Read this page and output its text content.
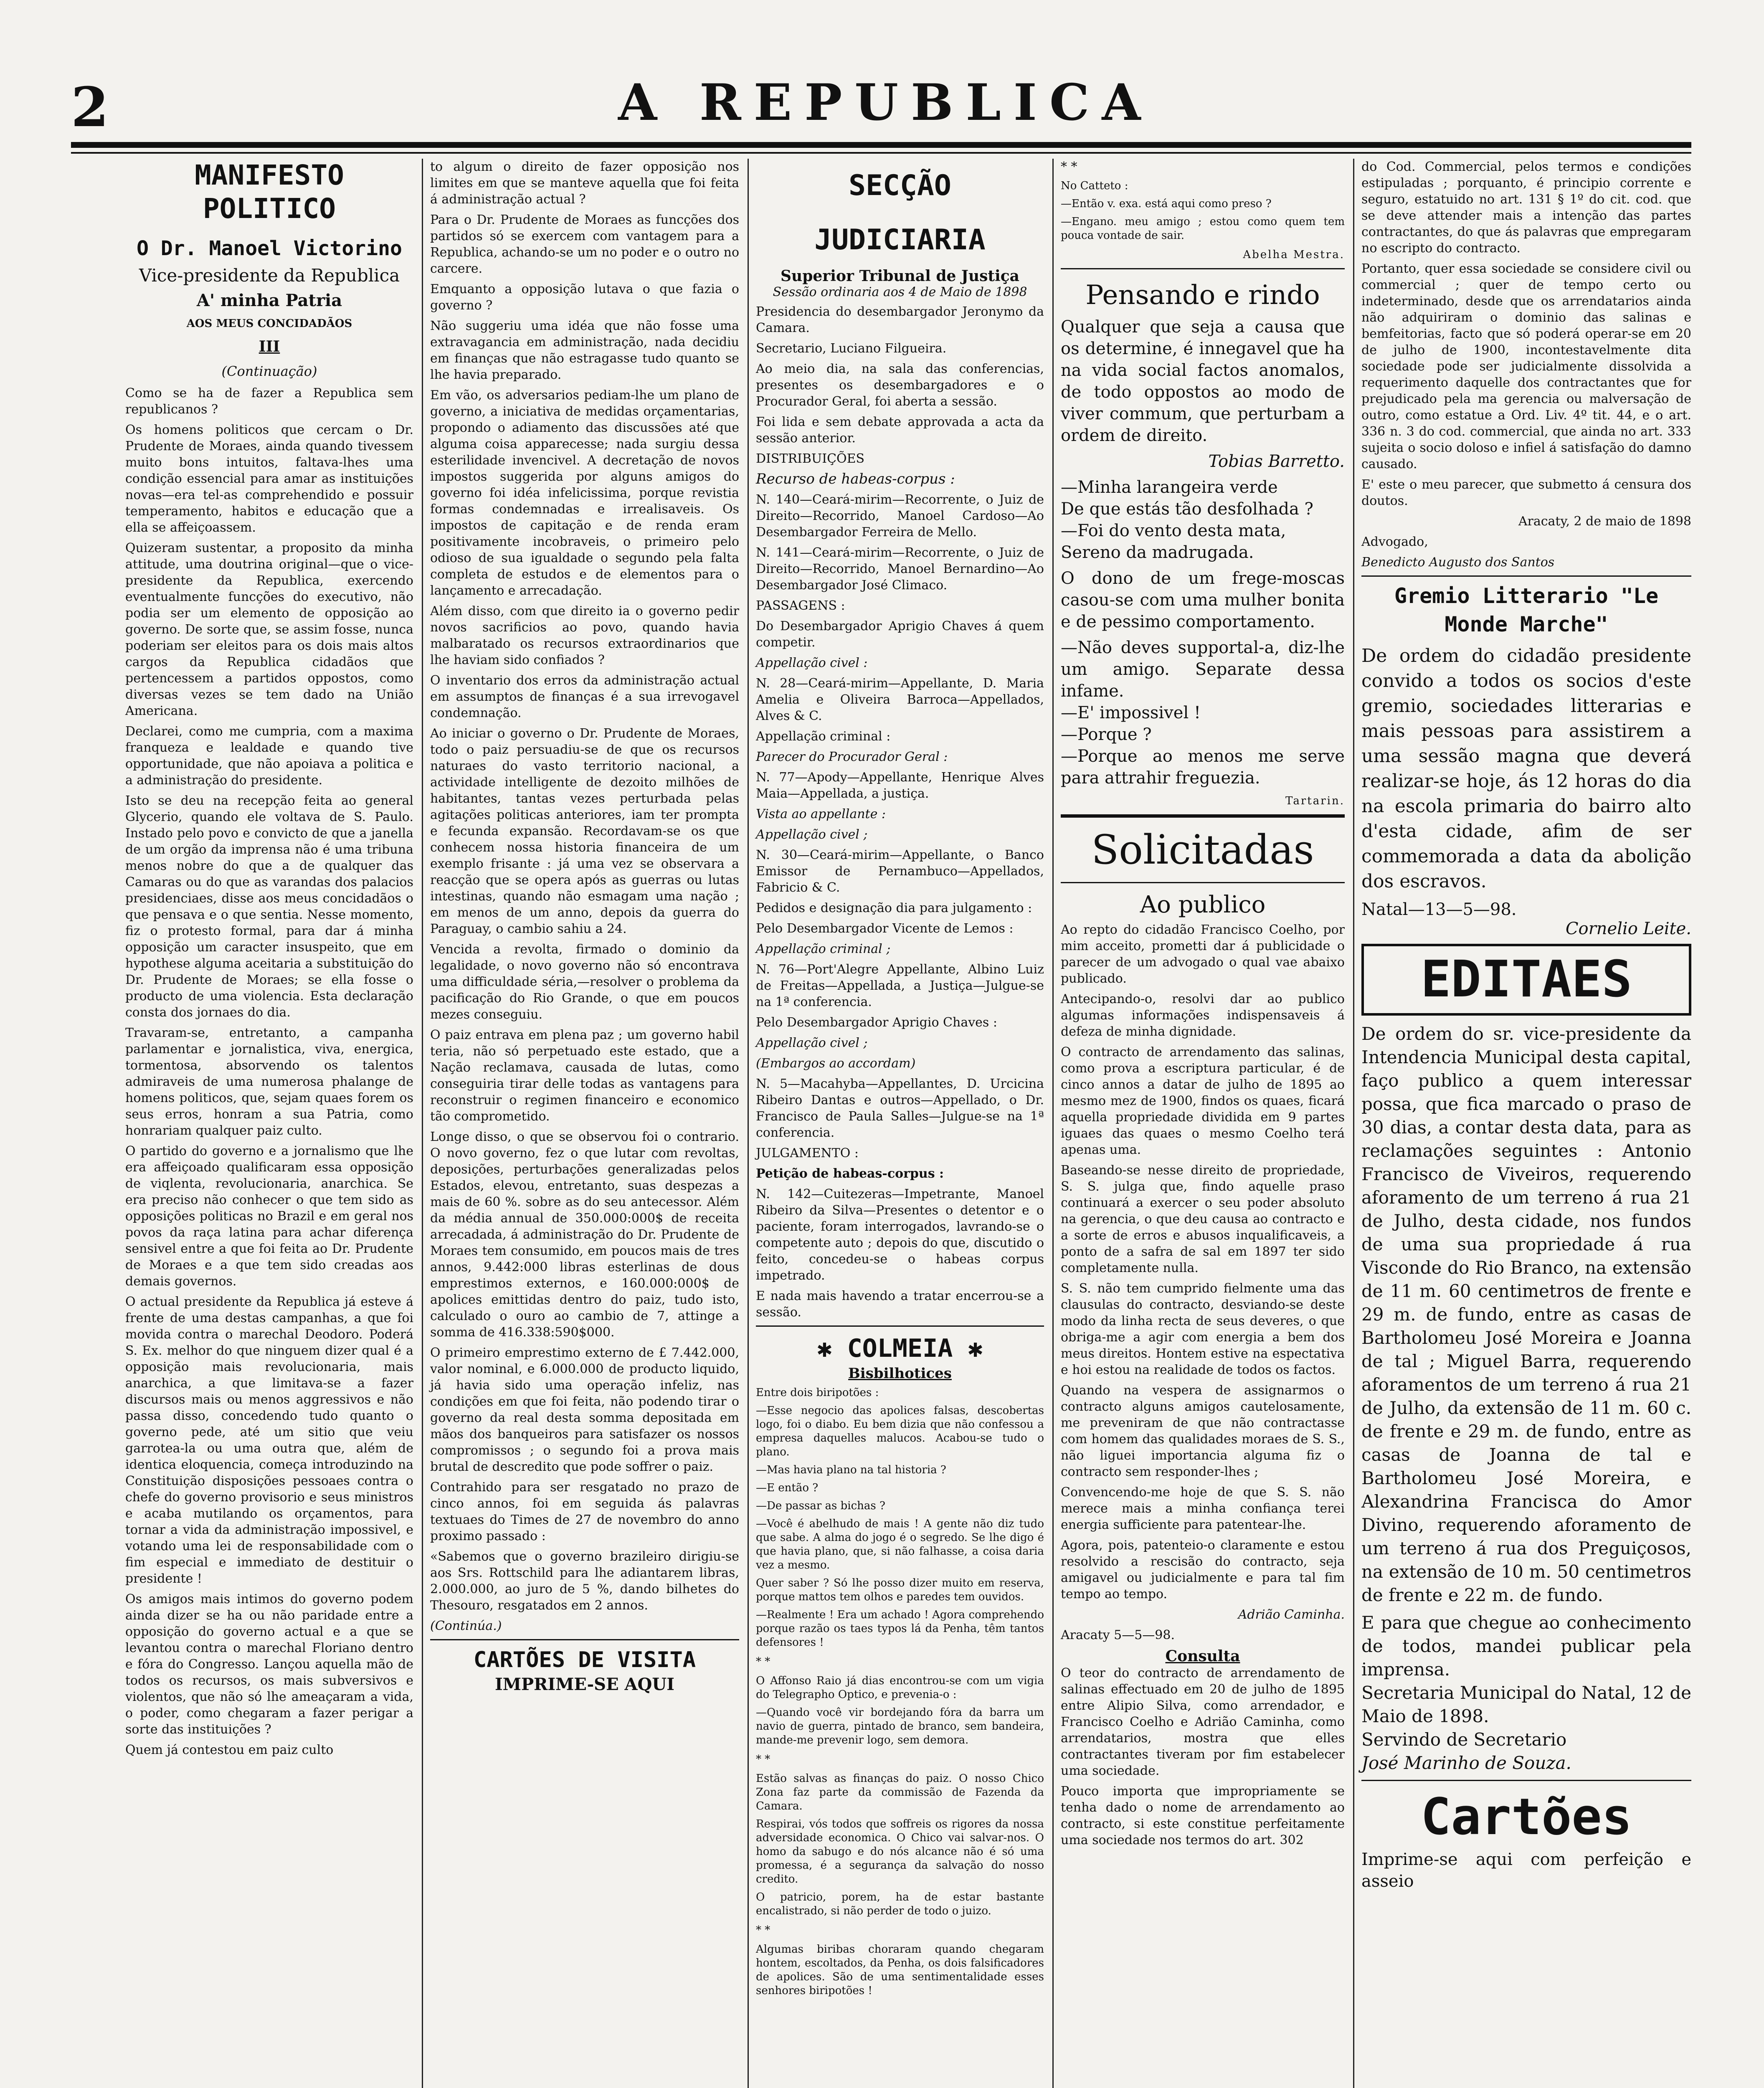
2	A REPUBLICA
MANIFESTO POLITICO
O Dr. Manoel Victorino
Vice-presidente da Republica
A' minha Patria
AOS MEUS CONCIDADÃOS
III
(Continuação)

Como se ha de fazer a Republica sem republicanos ?

Os homens politicos que cercam o Dr. Prudente de Moraes, ainda quando tivessem muito bons intuitos, faltava-lhes uma condição essencial para amar as instituições novas—era tel-as comprehendido e possuir temperamento, habitos e educação que a ella se affeiçoassem.

Quizeram sustentar, a proposito da minha attitude, uma doutrina original—que o vice-presidente da Republica, exercendo eventualmente funcções do executivo, não podia ser um elemento de opposição ao governo. De sorte que, se assim fosse, nunca poderiam ser eleitos para os dois mais altos cargos da Republica cidadãos que pertencessem a partidos oppostos, como diversas vezes se tem dado na União Americana.

Declarei, como me cumpria, com a maxima franqueza e lealdade e quando tive opportunidade, que não apoiava a politica e a administração do presidente.

Isto se deu na recepção feita ao general Glycerio, quando ele voltava de S. Paulo. Instado pelo povo e convicto de que a janella de um orgão da imprensa não é uma tribuna menos nobre do que a de qualquer das Camaras ou do que as varandas dos palacios presidenciaes, disse aos meus concidadãos o que pensava e o que sentia. Nesse momento, fiz o protesto formal, para dar á minha opposição um caracter insuspeito, que em hypothese alguma aceitaria a substituição do Dr. Prudente de Moraes; se ella fosse o producto de uma violencia. Esta declaração consta dos jornaes do dia.

Travaram-se, entretanto, a campanha parlamentar e jornalistica, viva, energica, tormentosa, absorvendo os talentos admiraveis de uma numerosa phalange de homens politicos, que, sejam quaes forem os seus erros, honram a sua Patria, como honrariam qualquer paiz culto.

O partido do governo e a jornalismo que lhe era affeiçoado qualificaram essa opposição de viqlenta, revolucionaria, anarchica. Se era preciso não conhecer o que tem sido as opposições politicas no Brazil e em geral nos povos da raça latina para achar diferença sensivel entre a que foi feita ao Dr. Prudente de Moraes e a que tem sido creadas aos demais governos.

O actual presidente da Republica já esteve á frente de uma destas campanhas, a que foi movida contra o marechal Deodoro. Poderá S. Ex. melhor do que ninguem dizer qual é a opposição mais revolucionaria, mais anarchica, a que limitava-se a fazer discursos mais ou menos aggressivos e não passa disso, concedendo tudo quanto o governo pede, até um sitio que veiu garrotea-la ou uma outra que, além de identica eloquencia, começa introduzindo na Constituição disposições pessoaes contra o chefe do governo provisorio e seus ministros e acaba mutilando os orçamentos, para tornar a vida da administração impossivel, e votando uma lei de responsabilidade com o fim especial e immediato de destituir o presidente !

Os amigos mais intimos do governo podem ainda dizer se ha ou não paridade entre a opposição do governo actual e a que se levantou contra o marechal Floriano dentro e fóra do Congresso. Lançou aquella mão de todos os recursos, os mais subversivos e violentos, que não só lhe ameaçaram a vida, o poder, como chegaram a fazer perigar a sorte das instituições ?

Quem já contestou em paiz culto

to algum o direito de fazer opposição nos limites em que se manteve aquella que foi feita á administração actual ?

Para o Dr. Prudente de Moraes as funcções dos partidos só se exercem com vantagem para a Republica, achando-se um no poder e o outro no carcere.

Emquanto a opposição lutava o que fazia o governo ?

Não suggeriu uma idéa que não fosse uma extravagancia em administração, nada decidiu em finanças que não estragasse tudo quanto se lhe havia preparado.

Em vão, os adversarios pediam-lhe um plano de governo, a iniciativa de medidas orçamentarias, propondo o adiamento das discussões até que alguma coisa apparecesse; nada surgiu dessa esterilidade invencivel. A decretação de novos impostos suggerida por alguns amigos do governo foi idéa infelicissima, porque revistia formas condemnadas e irrealisaveis. Os impostos de capitação e de renda eram positivamente incobraveis, o primeiro pelo odioso de sua igualdade o segundo pela falta completa de estudos e de elementos para o lançamento e arrecadação.

Além disso, com que direito ia o governo pedir novos sacrificios ao povo, quando havia malbaratado os recursos extraordinarios que lhe haviam sido confiados ?

O inventario dos erros da administração actual em assumptos de finanças é a sua irrevogavel condemnação.

Ao iniciar o governo o Dr. Prudente de Moraes, todo o paiz persuadiu-se de que os recursos naturaes do vasto territorio nacional, a actividade intelligente de dezoito milhões de habitantes, tantas vezes perturbada pelas agitações politicas anteriores, iam ter prompta e fecunda expansão. Recordavam-se os que conhecem nossa historia financeira de um exemplo frisante : já uma vez se observara a reacção que se opera após as guerras ou lutas intestinas, quando não esmagam uma nação ; em menos de um anno, depois da guerra do Paraguay, o cambio sahiu a 24.

Vencida a revolta, firmado o dominio da legalidade, o novo governo não só encontrava uma difficuldade séria,—resolver o problema da pacificação do Rio Grande, o que em poucos mezes conseguiu.

O paiz entrava em plena paz ; um governo habil teria, não só perpetuado este estado, que a Nação reclamava, causada de lutas, como conseguiria tirar delle todas as vantagens para reconstruir o regimen financeiro e economico tão comprometido.

Longe disso, o que se observou foi o contrario. O novo governo, fez o que lutar com revoltas, deposições, perturbações generalizadas pelos Estados, elevou, entretanto, suas despezas a mais de 60 %. sobre as do seu antecessor. Além da média annual de 350.000:000$ de receita arrecadada, á administração do Dr. Prudente de Moraes tem consumido, em poucos mais de tres annos, 9.442:000 libras esterlinas de dous emprestimos externos, e 160.000:000$ de apolices emittidas dentro do paiz, tudo isto, calculado o ouro ao cambio de 7, attinge a somma de 416.338:590$000.

O primeiro emprestimo externo de £ 7.442.000, valor nominal, e 6.000.000 de producto liquido, já havia sido uma operação infeliz, nas condições em que foi feita, não podendo tirar o governo da real desta somma depositada em mãos dos banqueiros para satisfazer os nossos compromissos ; o segundo foi a prova mais brutal de descredito que pode soffrer o paiz.

Contrahido para ser resgatado no prazo de cinco annos, foi em seguida ás palavras textuaes do Times de 27 de novembro do anno proximo passado :

«Sabemos que o governo brazileiro dirigiu-se aos Srs. Rottschild para lhe adiantarem libras, 2.000.000, ao juro de 5 %, dando bilhetes do Thesouro, resgatados em 2 annos.

(Continúa.)

CARTÕES DE VISITA
IMPRIME-SE AQUI
SECÇÃO JUDICIARIA
Superior Tribunal de Justiça
Sessão ordinaria aos 4 de Maio de 1898

Presidencia do desembargador Jeronymo da Camara.

Secretario, Luciano Filgueira.

Ao meio dia, na sala das conferencias, presentes os desembargadores e o Procurador Geral, foi aberta a sessão.

Foi lida e sem debate approvada a acta da sessão anterior.

DISTRIBUIÇÕES

Recurso de habeas-corpus :

N. 140—Ceará-mirim—Recorrente, o Juiz de Direito—Recorrido, Manoel Cardoso—Ao Desembargador Ferreira de Mello.

N. 141—Ceará-mirim—Recorrente, o Juiz de Direito—Recorrido, Manoel Bernardino—Ao Desembargador José Climaco.

PASSAGENS :

Do Desembargador Aprigio Chaves á quem competir.

Appellação civel :

N. 28—Ceará-mirim—Appellante, D. Maria Amelia e Oliveira Barroca—Appellados, Alves & C.

Appellação criminal :

Parecer do Procurador Geral :

N. 77—Apody—Appellante, Henrique Alves Maia—Appellada, a justiça.

Vista ao appellante :

Appellação civel ;

N. 30—Ceará-mirim—Appellante, o Banco Emissor de Pernambuco—Appellados, Fabricio & C.

Pedidos e designação dia para julgamento :

Pelo Desembargador Vicente de Lemos :

Appellação criminal ;

N. 76—Port'Alegre Appellante, Albino Luiz de Freitas—Appellada, a Justiça—Julgue-se na 1ª conferencia.

Pelo Desembargador Aprigio Chaves :

Appellação civel ;

(Embargos ao accordam)

N. 5—Macahyba—Appellantes, D. Urcicina Ribeiro Dantas e outros—Appellado, o Dr. Francisco de Paula Salles—Julgue-se na 1ª conferencia.

JULGAMENTO :

Petição de habeas-corpus :

N. 142—Cuitezeras—Impetrante, Manoel Ribeiro da Silva—Presentes o detentor e o paciente, foram interrogados, lavrando-se o competente auto ; depois do que, discutido o feito, concedeu-se o habeas corpus impetrado.

E nada mais havendo a tratar encerrou-se a sessão.

✱ COLMEIA ✱
Bisbilhotices

Entre dois biripotões :

—Esse negocio das apolices falsas, descobertas logo, foi o diabo. Eu bem dizia que não confessou a empresa daquelles malucos. Acabou-se tudo o plano.

—Mas havia plano na tal historia ?

—E então ?

—De passar as bichas ?

—Você é abelhudo de mais ! A gente não diz tudo que sabe. A alma do jogo é o segredo. Se lhe digo é que havia plano, que, si não falhasse, a coisa daria vez a mesmo.

Quer saber ? Só lhe posso dizer muito em reserva, porque mattos tem olhos e paredes tem ouvidos.

—Realmente ! Era um achado ! Agora comprehendo porque razão os taes typos lá da Penha, têm tantos defensores !

* *

O Affonso Raio já dias encontrou-se com um vigia do Telegrapho Optico, e prevenia-o :

—Quando você vir bordejando fóra da barra um navio de guerra, pintado de branco, sem bandeira, mande-me prevenir logo, sem demora.

* *

Estão salvas as finanças do paiz. O nosso Chico Zona faz parte da commissão de Fazenda da Camara.

Respirai, vós todos que soffreis os rigores da nossa adversidade economica. O Chico vai salvar-nos. O homo da sabugo e do nós alcance não é só uma promessa, é a segurança da salvação do nosso credito.

O patricio, porem, ha de estar bastante encalistrado, si não perder de todo o juizo.

* *

Algumas biribas choraram quando chegaram hontem, escoltados, da Penha, os dois falsificadores de apolices. São de uma sentimentalidade esses senhores biripotões !

* *

No Catteto :

—Então v. exa. está aqui como preso ?

—Engano. meu amigo ; estou como quem tem pouca vontade de sair.

Abelha Mestra.

Pensando e rindo

Qualquer que seja a causa que os determine, é innegavel que ha na vida social factos anomalos, de todo oppostos ao modo de viver commum, que perturbam a ordem de direito.

Tobias Barretto.

—Minha larangeira verde

De que estás tão desfolhada ?

—Foi do vento desta mata,

Sereno da madrugada.

O dono de um frege-moscas casou-se com uma mulher bonita e de pessimo comportamento.

—Não deves supportal-a, diz-lhe um amigo. Separate dessa infame.

—E' impossivel !

—Porque ?

—Porque ao menos me serve para attrahir freguezia.

Tartarin.

Solicitadas
Ao publico

Ao repto do cidadão Francisco Coelho, por mim acceito, prometti dar á publicidade o parecer de um advogado o qual vae abaixo publicado.

Antecipando-o, resolvi dar ao publico algumas informações indispensaveis á defeza de minha dignidade.

O contracto de arrendamento das salinas, como prova a escriptura particular, é de cinco annos a datar de julho de 1895 ao mesmo mez de 1900, findos os quaes, ficará aquella propriedade dividida em 9 partes iguaes das quaes o mesmo Coelho terá apenas uma.

Baseando-se nesse direito de propriedade, S. S. julga que, findo aquelle praso continuará a exercer o seu poder absoluto na gerencia, o que deu causa ao contracto e a sorte de erros e abusos inqualificaveis, a ponto de a safra de sal em 1897 ter sido completamente nulla.

S. S. não tem cumprido fielmente uma das clausulas do contracto, desviando-se deste modo da linha recta de seus deveres, o que obriga-me a agir com energia a bem dos meus direitos. Hontem estive na espectativa e hoi estou na realidade de todos os factos.

Quando na vespera de assignarmos o contracto alguns amigos cautelosamente, me preveniram de que não contractasse com homem das qualidades moraes de S. S., não liguei importancia alguma fiz o contracto sem responder-lhes ;

Convencendo-me hoje de que S. S. não merece mais a minha confiança terei energia sufficiente para patentear-lhe.

Agora, pois, patenteio-o claramente e estou resolvido a rescisão do contracto, seja amigavel ou judicialmente e para tal fim tempo ao tempo.

Adrião Caminha.

Aracaty 5—5—98.

Consulta

O teor do contracto de arrendamento de salinas effectuado em 20 de julho de 1895 entre Alipio Silva, como arrendador, e Francisco Coelho e Adrião Caminha, como arrendatarios, mostra que elles contractantes tiveram por fim estabelecer uma sociedade.

Pouco importa que impropriamente se tenha dado o nome de arrendamento ao contracto, si este constitue perfeitamente uma sociedade nos termos do art. 302

do Cod. Commercial, pelos termos e condições estipuladas ; porquanto, é principio corrente e seguro, estatuido no art. 131 § 1º do cit. cod. que se deve attender mais a intenção das partes contractantes, do que ás palavras que empregaram no escripto do contracto.

Portanto, quer essa sociedade se considere civil ou commercial ; quer de tempo certo ou indeterminado, desde que os arrendatarios ainda não adquiriram o dominio das salinas e bemfeitorias, facto que só poderá operar-se em 20 de julho de 1900, incontestavelmente dita sociedade pode ser judicialmente dissolvida a requerimento daquelle dos contractantes que for prejudicado pela ma gerencia ou malversação de outro, como estatue a Ord. Liv. 4º tit. 44, e o art. 336 n. 3 do cod. commercial, que ainda no art. 333 sujeita o socio doloso e infiel á satisfação do damno causado.

E' este o meu parecer, que submetto á censura dos doutos.

Aracaty, 2 de maio de 1898

Advogado,

Benedicto Augusto dos Santos

Gremio Litterario "Le Monde Marche"

De ordem do cidadão presidente convido a todos os socios d'este gremio, sociedades litterarias e mais pessoas para assistirem a uma sessão magna que deverá realizar-se hoje, ás 12 horas do dia na escola primaria do bairro alto d'esta cidade, afim de ser commemorada a data da abolição dos escravos.

Natal—13—5—98.

Cornelio Leite.

EDITAES

De ordem do sr. vice-presidente da Intendencia Municipal desta capital, faço publico a quem interessar possa, que fica marcado o praso de 30 dias, a contar desta data, para as reclamações seguintes : Antonio Francisco de Viveiros, requerendo aforamento de um terreno á rua 21 de Julho, desta cidade, nos fundos de uma sua propriedade á rua Visconde do Rio Branco, na extensão de 11 m. 60 centimetros de frente e 29 m. de fundo, entre as casas de Bartholomeu José Moreira e Joanna de tal ; Miguel Barra, requerendo aforamentos de um terreno á rua 21 de Julho, da extensão de 11 m. 60 c. de frente e 29 m. de fundo, entre as casas de Joanna de tal e Bartholomeu José Moreira, e Alexandrina Francisca do Amor Divino, requerendo aforamento de um terreno á rua dos Preguiçosos, na extensão de 10 m. 50 centimetros de frente e 22 m. de fundo.

E para que chegue ao conhecimento de todos, mandei publicar pela imprensa.

Secretaria Municipal do Natal, 12 de Maio de 1898.

Servindo de Secretario

José Marinho de Souza.

Cartões

Imprime-se aqui com perfeição e asseio
